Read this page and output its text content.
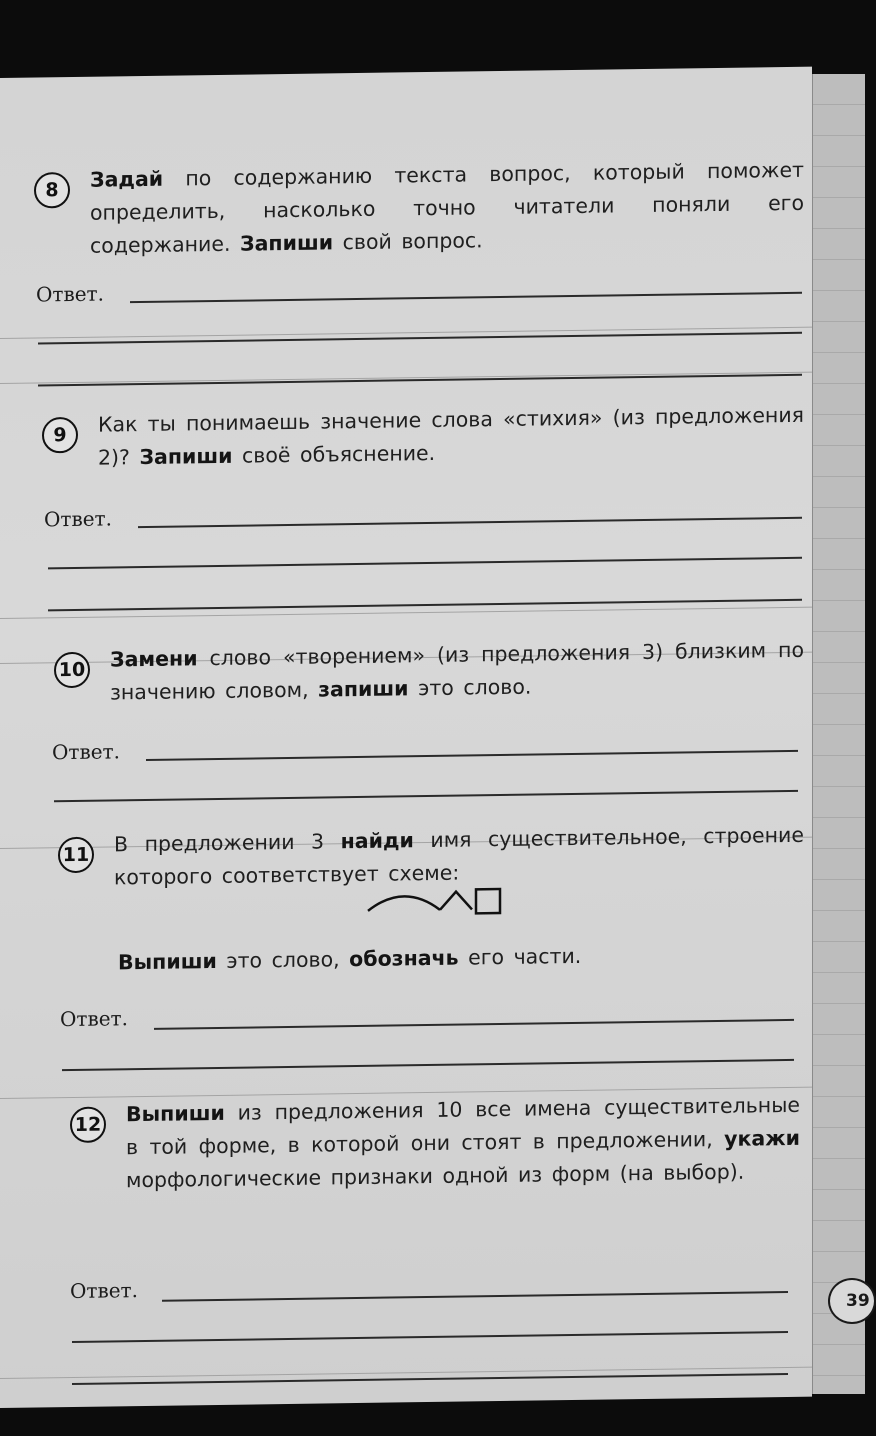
8	Задай по содержанию текста вопрос, который поможет определить, насколько точно читатели поняли его содержание. Запиши свой вопрос.
Ответ.
9	Как ты понимаешь значение слова «стихия» (из предложения 2)? Запиши своё объяснение.
Ответ.
10 Замени слово «творением» (из предложения 3) близким по значению словом, запиши это слово.
Ответ.
11 В предложении 3 найди имя существительное, строение которого соответствует схеме:
Выпиши это слово, обозначь его части.
Ответ.
12 Выпиши из предложения 10 все имена существительные в той форме, в которой они стоят в предложении, укажи морфологические признаки одной из форм (на выбор).
Ответ.	39
